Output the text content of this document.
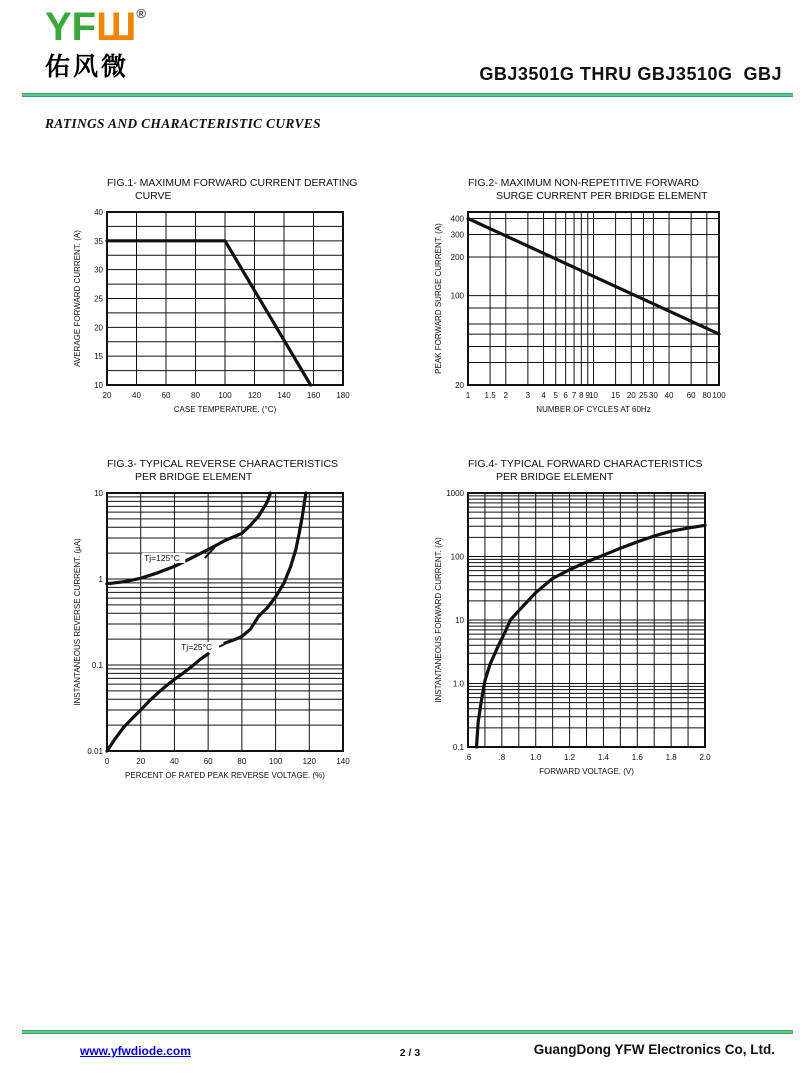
YFШ®
佑风微	GBJ3501G THRU GBJ3510G  GBJ
RATINGS AND CHARACTERISTIC CURVES
FIG.1- MAXIMUM FORWARD CURRENT DERATING
CURVE
20	40	60	80 100 120 140 160 180
10
15
20
25
30
35
40
CASE TEMPERATURE. (°C)
AVERAGE FORWARD CURRENT. (A)
FIG.2- MAXIMUM NON-REPETITIVE FORWARD
SURGE CURRENT PER BRIDGE ELEMENT
1 1.5 2 3 4 5 6 7 8 9 10 15 20 25 30 40 60 80 100
20
100
200
300
400
NUMBER OF CYCLES AT 60Hz
PEAK FORWARD SURGE CURRENT. (A)
FIG.3- TYPICAL REVERSE CHARACTERISTICS
PER BRIDGE ELEMENT
0	20	40	60	80	100	120	140
0.01
0.1
1
10
PERCENT OF RATED PEAK REVERSE VOLTAGE. (%)
INSTANTANEOUS REVERSE CURRENT. (μA)	Tj=125°C
Tj=25°C
FIG.4- TYPICAL FORWARD CHARACTERISTICS
PER BRIDGE ELEMENT
.6	.8	1.0	1.2	1.4	1.6	1.8	2.0
0.1
1.0
10
100
1000
FORWARD VOLTAGE. (V)
INSTANTANEOUS FORWARD CURRENT. (A)
www.yfwdiode.com	2 / 3	GuangDong YFW Electronics Co, Ltd.
